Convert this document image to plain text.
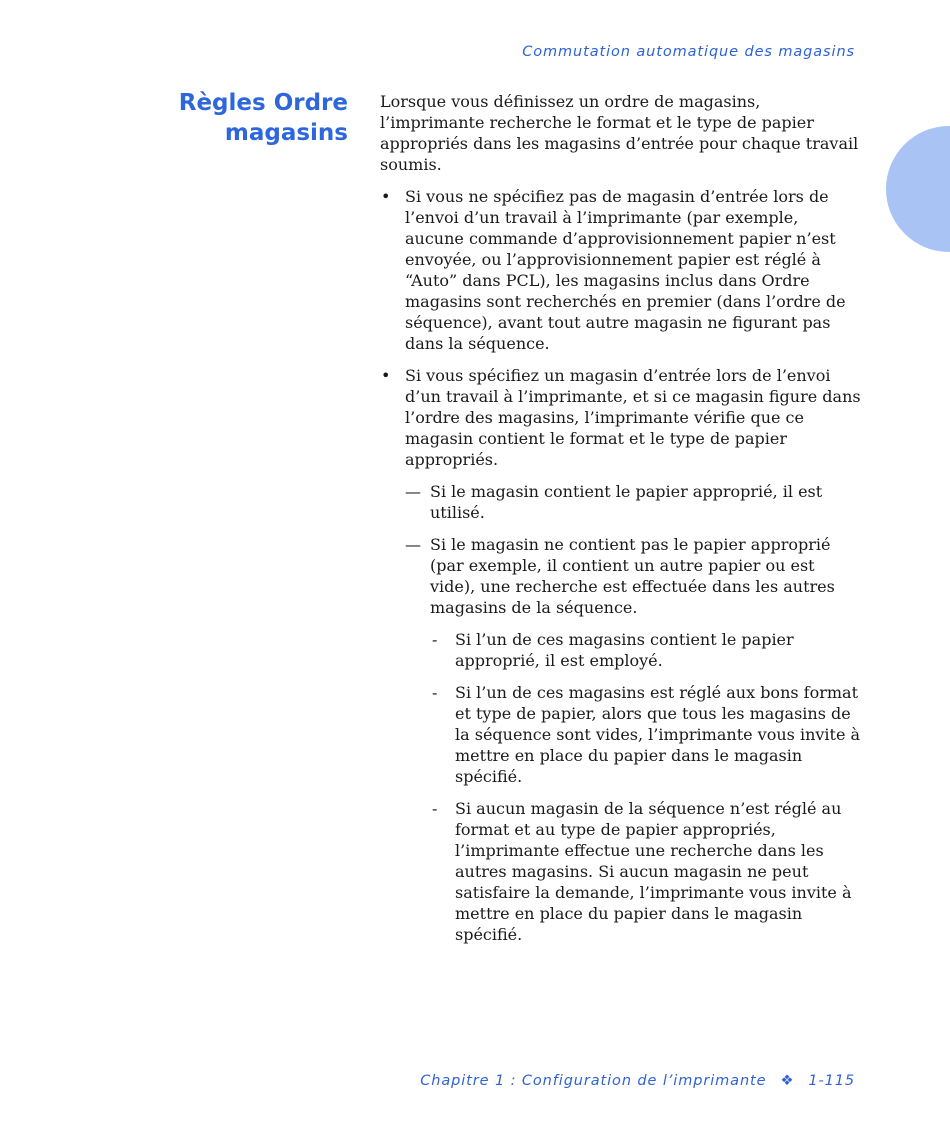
Commutation automatique des magasins
Règles Ordre
magasins

Lorsque vous définissez un ordre de magasins, l’imprimante recherche le format et le type de papier appropriés dans les magasins d’entrée pour chaque travail soumis.

• Si vous ne spécifiez pas de magasin d’entrée lors de l’envoi d’un travail à l’imprimante (par exemple, aucune commande d’approvisionnement papier n’est envoyée, ou l’approvisionnement papier est réglé à “Auto” dans PCL), les magasins inclus dans Ordre magasins sont recherchés en premier (dans l’ordre de séquence), avant tout autre magasin ne figurant pas dans la séquence.

• Si vous spécifiez un magasin d’entrée lors de l’envoi d’un travail à l’imprimante, et si ce magasin figure dans l’ordre des magasins, l’imprimante vérifie que ce magasin contient le format et le type de papier appropriés.

— Si le magasin contient le papier approprié, il est utilisé.

— Si le magasin ne contient pas le papier approprié (par exemple, il contient un autre papier ou est vide), une recherche est effectuée dans les autres magasins de la séquence.

- Si l’un de ces magasins contient le papier approprié, il est employé.

- Si l’un de ces magasins est réglé aux bons format et type de papier, alors que tous les magasins de la séquence sont vides, l’imprimante vous invite à mettre en place du papier dans le magasin spécifié.

- Si aucun magasin de la séquence n’est réglé au format et au type de papier appropriés, l’imprimante effectue une recherche dans les autres magasins. Si aucun magasin ne peut satisfaire la demande, l’imprimante vous invite à mettre en place du papier dans le magasin spécifié.

Chapitre 1 : Configuration de l’imprimante ❖ 1-115
